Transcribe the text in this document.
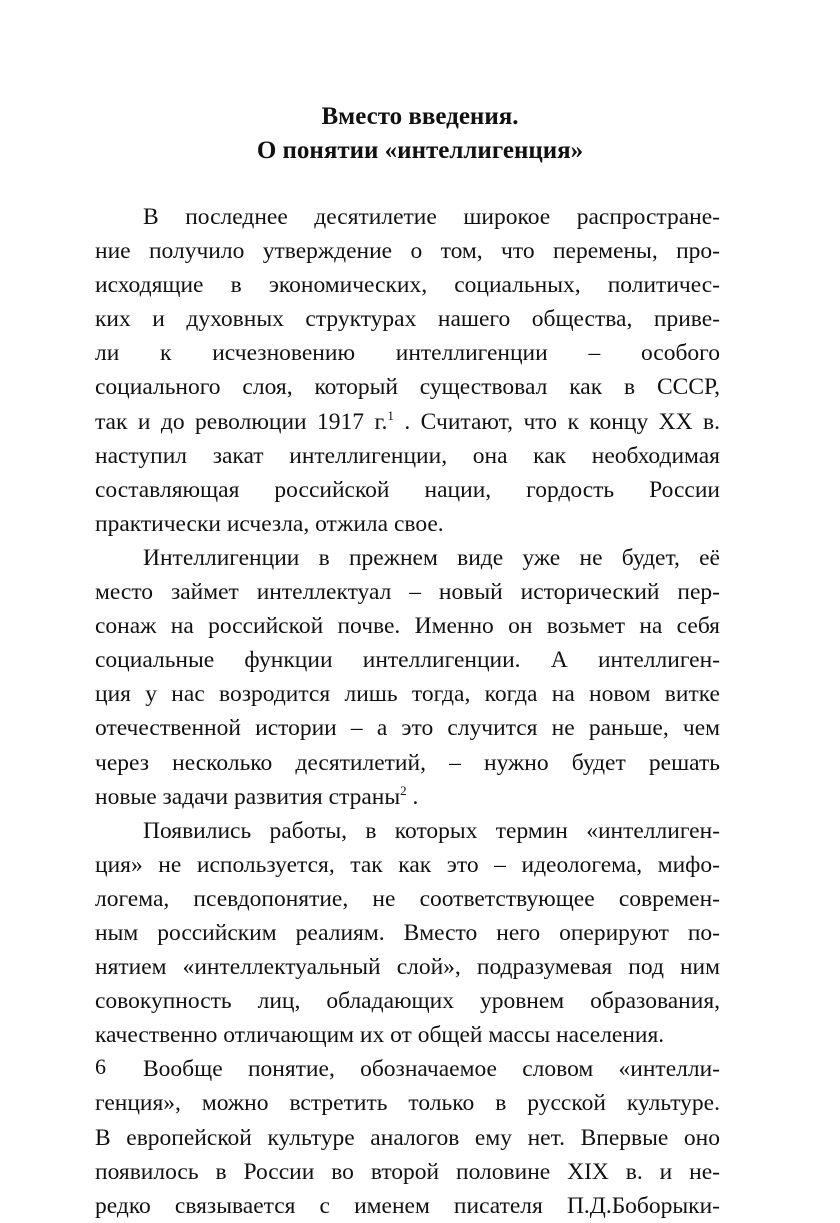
Вместо введения.
О понятии «интеллигенция»
В последнее десятилетие широкое распростране-
ние получило утверждение о том, что перемены, про-
исходящие в экономических, социальных, политичес-
ких и духовных структурах нашего общества, приве-
ли к исчезновению интеллигенции – особого
социального слоя, который существовал как в СССР,
так и до революции 1917 г.$^1$ . Считают, что к концу XX в.
наступил закат интеллигенции, она как необходимая
составляющая российской нации, гордость России
практически исчезла, отжила свое.
Интеллигенции в прежнем виде уже не будет, её
место займет интеллектуал – новый исторический пер-
сонаж на российской почве. Именно он возьмет на себя
социальные функции интеллигенции. А интеллиген-
ция у нас возродится лишь тогда, когда на новом витке
отечественной истории – а это случится не раньше, чем
через несколько десятилетий, – нужно будет решать
новые задачи развития страны$^2$ .
Появились работы, в которых термин «интеллиген-
ция» не используется, так как это – идеологема, мифо-
логема, псевдопонятие, не соответствующее современ-
ным российским реалиям. Вместо него оперируют по-
нятием «интеллектуальный слой», подразумевая под ним
совокупность лиц, обладающих уровнем образования,
качественно отличающим их от общей массы населения.
Вообще понятие, обозначаемое словом «интелли-
генция», можно встретить только в русской культуре.
В европейской культуре аналогов ему нет. Впервые оно
появилось в России во второй половине XIX в. и не-
редко связывается с именем писателя П.Д.Боборыки-
6
